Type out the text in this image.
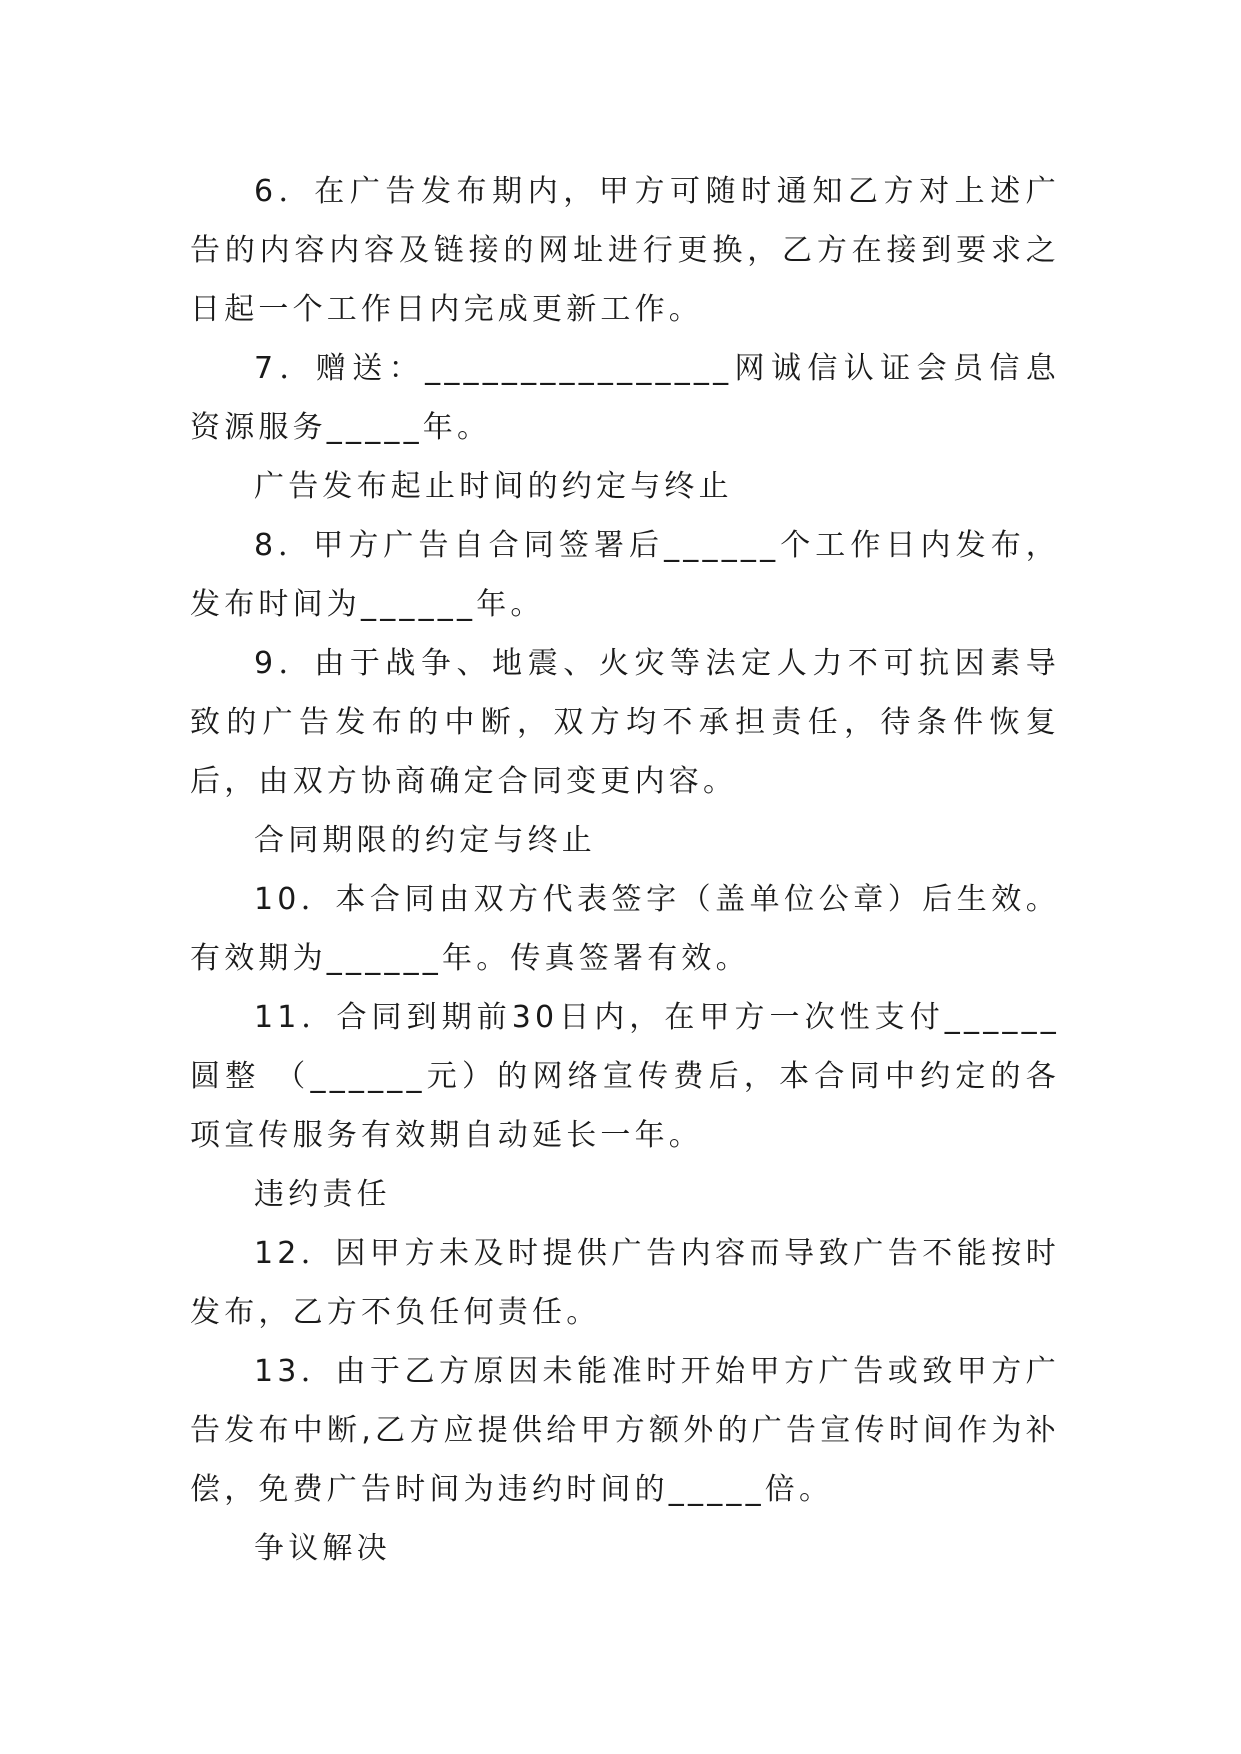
6．在广告发布期内，甲方可随时通知乙方对上述广告的内容内容及链接的网址进行更换，乙方在接到要求之日起一个工作日内完成更新工作。

7．赠送：________________网诚信认证会员信息资源服务_____年。

广告发布起止时间的约定与终止

8．甲方广告自合同签署后______个工作日内发布，发布时间为______年。

9．由于战争、地震、火灾等法定人力不可抗因素导致的广告发布的中断，双方均不承担责任，待条件恢复后，由双方协商确定合同变更内容。

合同期限的约定与终止

10．本合同由双方代表签字（盖单位公章）后生效。有效期为______年。传真签署有效。

11．合同到期前30日内，在甲方一次性支付______圆整 （______元）的网络宣传费后，本合同中约定的各项宣传服务有效期自动延长一年。

违约责任

12．因甲方未及时提供广告内容而导致广告不能按时发布，乙方不负任何责任。

13．由于乙方原因未能准时开始甲方广告或致甲方广告发布中断,乙方应提供给甲方额外的广告宣传时间作为补偿，免费广告时间为违约时间的_____倍。

争议解决
